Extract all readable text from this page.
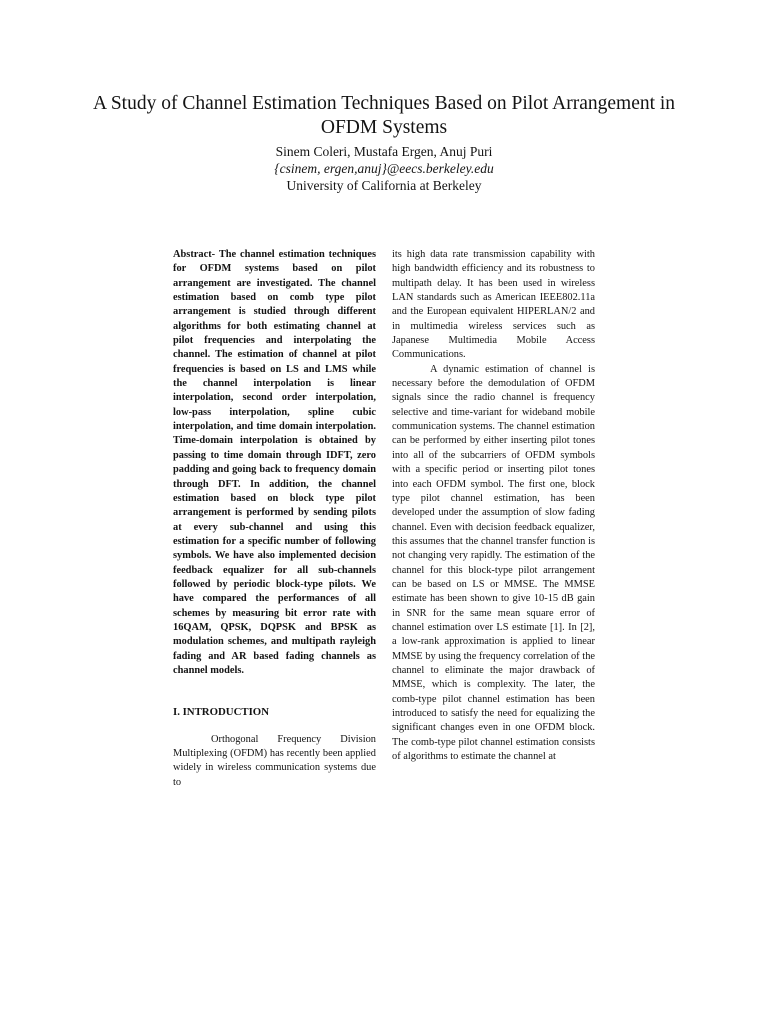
A Study of Channel Estimation Techniques Based on Pilot Arrangement in OFDM Systems
Sinem Coleri, Mustafa Ergen, Anuj Puri
{csinem, ergen,anuj}@eecs.berkeley.edu
University of California at Berkeley

Abstract- The channel estimation techniques for OFDM systems based on pilot arrangement are investigated. The channel estimation based on comb type pilot arrangement is studied through different algorithms for both estimating channel at pilot frequencies and interpolating the channel. The estimation of channel at pilot frequencies is based on LS and LMS while the channel interpolation is linear interpolation, second order interpolation, low-pass interpolation, spline cubic interpolation, and time domain interpolation. Time-domain interpolation is obtained by passing to time domain through IDFT, zero padding and going back to frequency domain through DFT. In addition, the channel estimation based on block type pilot arrangement is performed by sending pilots at every sub-channel and using this estimation for a specific number of following symbols. We have also implemented decision feedback equalizer for all sub-channels followed by periodic block-type pilots. We have compared the performances of all schemes by measuring bit error rate with 16QAM, QPSK, DQPSK and BPSK as modulation schemes, and multipath rayleigh fading and AR based fading channels as channel models.

I. INTRODUCTION

Orthogonal Frequency Division Multiplexing (OFDM) has recently been applied widely in wireless communication systems due to

its high data rate transmission capability with high bandwidth efficiency and its robustness to multipath delay. It has been used in wireless LAN standards such as American IEEE802.11a and the European equivalent HIPERLAN/2 and in multimedia wireless services such as Japanese Multimedia Mobile Access Communications.

A dynamic estimation of channel is necessary before the demodulation of OFDM signals since the radio channel is frequency selective and time-variant for wideband mobile communication systems. The channel estimation can be performed by either inserting pilot tones into all of the subcarriers of OFDM symbols with a specific period or inserting pilot tones into each OFDM symbol. The first one, block type pilot channel estimation, has been developed under the assumption of slow fading channel. Even with decision feedback equalizer, this assumes that the channel transfer function is not changing very rapidly. The estimation of the channel for this block-type pilot arrangement can be based on LS or MMSE. The MMSE estimate has been shown to give 10-15 dB gain in SNR for the same mean square error of channel estimation over LS estimate [1]. In [2], a low-rank approximation is applied to linear MMSE by using the frequency correlation of the channel to eliminate the major drawback of MMSE, which is complexity. The later, the comb-type pilot channel estimation has been introduced to satisfy the need for equalizing the significant changes even in one OFDM block. The comb-type pilot channel estimation consists of algorithms to estimate the channel at
